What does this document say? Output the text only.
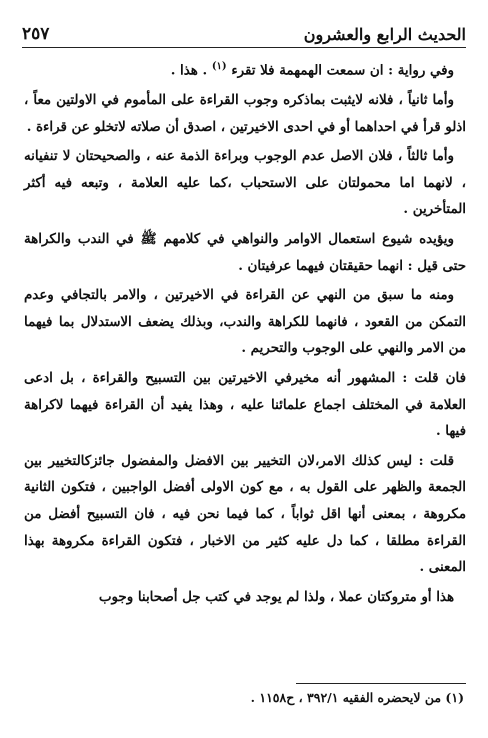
الحديث الرابع والعشرون
٢٥٧

وفي رواية : ان سمعت الهمهمة فلا تقرء $^{(١)}$ . هذا .

وأما ثانياً ، فلانه لايثبت بماذكره وجوب القراءة على المأموم في الاولتين معاً ، اذلو قرأ في احداهما أو في احدى الاخيرتين ، اصدق أن صلاته لاتخلو عن قراءة .

وأما ثالثاً ، فلان الاصل عدم الوجوب وبراءة الذمة عنه ، والصحيحتان لا تنفيانه ، لانهما اما محمولتان على الاستحباب ،كما عليه العلامة ، وتبعه فيه أكثر المتأخرين .

ويؤيده شيوع استعمال الاوامر والنواهي في كلامهم ﷺ في الندب والكراهة حتى قيل : انهما حقيقتان فيهما عرفيتان .

ومنه ما سبق من النهي عن القراءة في الاخيرتين ، والامر بالتجافي وعدم التمكن من القعود ، فانهما للكراهة والندب، وبذلك يضعف الاستدلال بما فيهما من الامر والنهي على الوجوب والتحريم .

فان قلت : المشهور أنه مخيرفي الاخيرتين بين التسبيح والقراءة ، بل ادعى العلامة في المختلف اجماع علمائنا عليه ، وهذا يفيد أن القراءة فيهما لاكراهة فيها .

قلت : ليس كذلك الامر،لان التخيير بين الافضل والمفضول جائزكالتخيير بين الجمعة والظهر على القول به ، مع كون الاولى أفضل الواجبين ، فتكون الثانية مكروهة ، بمعنى أنها اقل ثواباً ، كما فيما نحن فيه ، فان التسبيح أفضل من القراءة مطلقا ، كما دل عليه كثير من الاخبار ، فتكون القراءة مكروهة بهذا المعنى .

هذا أو متروكتان عملا ، ولذا لم يوجد في كتب جل أصحابنا وجوب

(١) من لايحضره الفقيه ٣٩٢/١ ، ح١١٥٨ .
